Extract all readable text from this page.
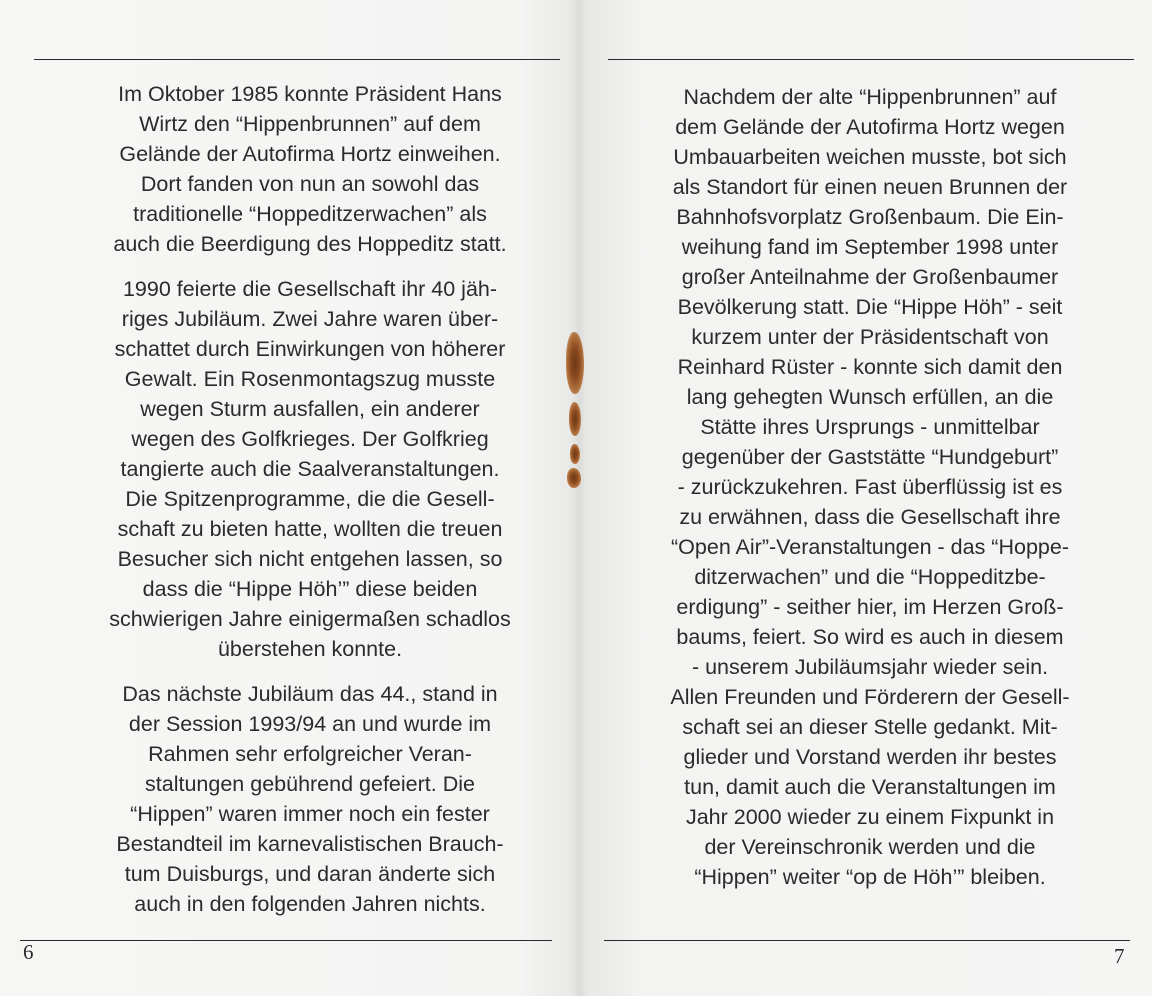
Im Oktober 1985 konnte Präsident Hans
Wirtz den “Hippenbrunnen” auf dem
Gelände der Autofirma Hortz einweihen.
Dort fanden von nun an sowohl das
traditionelle “Hoppeditzerwachen” als
auch die Beerdigung des Hoppeditz statt.

1990 feierte die Gesellschaft ihr 40 jäh-
riges Jubiläum. Zwei Jahre waren über-
schattet durch Einwirkungen von höherer
Gewalt. Ein Rosenmontagszug musste
wegen Sturm ausfallen, ein anderer
wegen des Golfkrieges. Der Golfkrieg
tangierte auch die Saalveranstaltungen.
Die Spitzenprogramme, die die Gesell-
schaft zu bieten hatte, wollten die treuen
Besucher sich nicht entgehen lassen, so
dass die “Hippe Höh’” diese beiden
schwierigen Jahre einigermaßen schadlos
überstehen konnte.

Das nächste Jubiläum das 44., stand in
der Session 1993/94 an und wurde im
Rahmen sehr erfolgreicher Veran-
staltungen gebührend gefeiert. Die
“Hippen” waren immer noch ein fester
Bestandteil im karnevalistischen Brauch-
tum Duisburgs, und daran änderte sich
auch in den folgenden Jahren nichts.

6

Nachdem der alte “Hippenbrunnen” auf
dem Gelände der Autofirma Hortz wegen
Umbauarbeiten weichen musste, bot sich
als Standort für einen neuen Brunnen der
Bahnhofsvorplatz Großenbaum. Die Ein-
weihung fand im September 1998 unter
großer Anteilnahme der Großenbaumer
Bevölkerung statt. Die “Hippe Höh” - seit
kurzem unter der Präsidentschaft von
Reinhard Rüster - konnte sich damit den
lang gehegten Wunsch erfüllen, an die
Stätte ihres Ursprungs - unmittelbar
gegenüber der Gaststätte “Hundgeburt”
- zurückzukehren. Fast überflüssig ist es
zu erwähnen, dass die Gesellschaft ihre
“Open Air”-Veranstaltungen - das “Hoppe-
ditzerwachen” und die “Hoppeditzbe-
erdigung” - seither hier, im Herzen Groß-
baums, feiert. So wird es auch in diesem
- unserem Jubiläumsjahr wieder sein.
Allen Freunden und Förderern der Gesell-
schaft sei an dieser Stelle gedankt. Mit-
glieder und Vorstand werden ihr bestes
tun, damit auch die Veranstaltungen im
Jahr 2000 wieder zu einem Fixpunkt in
der Vereinschronik werden und die
“Hippen” weiter “op de Höh’” bleiben.

7
